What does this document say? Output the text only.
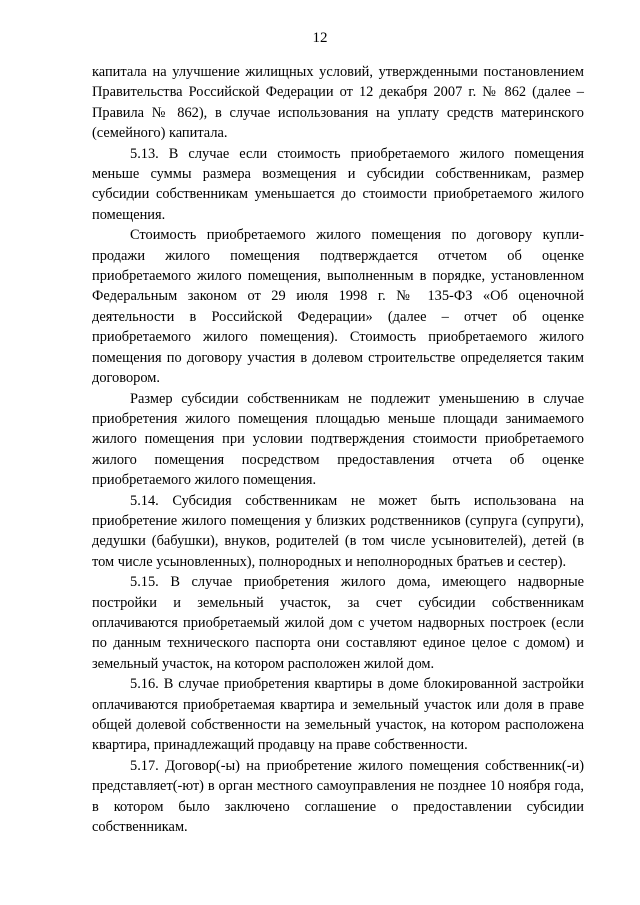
12

капитала на улучшение жилищных условий, утвержденными постановлением Правительства Российской Федерации от 12 декабря 2007 г. № 862 (далее – Правила № 862), в случае использования на уплату средств материнского (семейного) капитала.

5.13. В случае если стоимость приобретаемого жилого помещения меньше суммы размера возмещения и субсидии собственникам, размер субсидии собственникам уменьшается до стоимости приобретаемого жилого помещения.

Стоимость приобретаемого жилого помещения по договору купли-продажи жилого помещения подтверждается отчетом об оценке приобретаемого жилого помещения, выполненным в порядке, установленном Федеральным законом от 29 июля 1998 г. № 135-ФЗ «Об оценочной деятельности в Российской Федерации» (далее – отчет об оценке приобретаемого жилого помещения). Стоимость приобретаемого жилого помещения по договору участия в долевом строительстве определяется таким договором.

Размер субсидии собственникам не подлежит уменьшению в случае приобретения жилого помещения площадью меньше площади занимаемого жилого помещения при условии подтверждения стоимости приобретаемого жилого помещения посредством предоставления отчета об оценке приобретаемого жилого помещения.

5.14. Субсидия собственникам не может быть использована на приобретение жилого помещения у близких родственников (супруга (супруги), дедушки (бабушки), внуков, родителей (в том числе усыновителей), детей (в том числе усыновленных), полнородных и неполнородных братьев и сестер).

5.15. В случае приобретения жилого дома, имеющего надворные постройки и земельный участок, за счет субсидии собственникам оплачиваются приобретаемый жилой дом с учетом надворных построек (если по данным технического паспорта они составляют единое целое с домом) и земельный участок, на котором расположен жилой дом.

5.16. В случае приобретения квартиры в доме блокированной застройки оплачиваются приобретаемая квартира и земельный участок или доля в праве общей долевой собственности на земельный участок, на котором расположена квартира, принадлежащий продавцу на праве собственности.

5.17. Договор(-ы) на приобретение жилого помещения собственник(-и) представляет(-ют) в орган местного самоуправления не позднее 10 ноября года, в котором было заключено соглашение о предоставлении субсидии собственникам.
